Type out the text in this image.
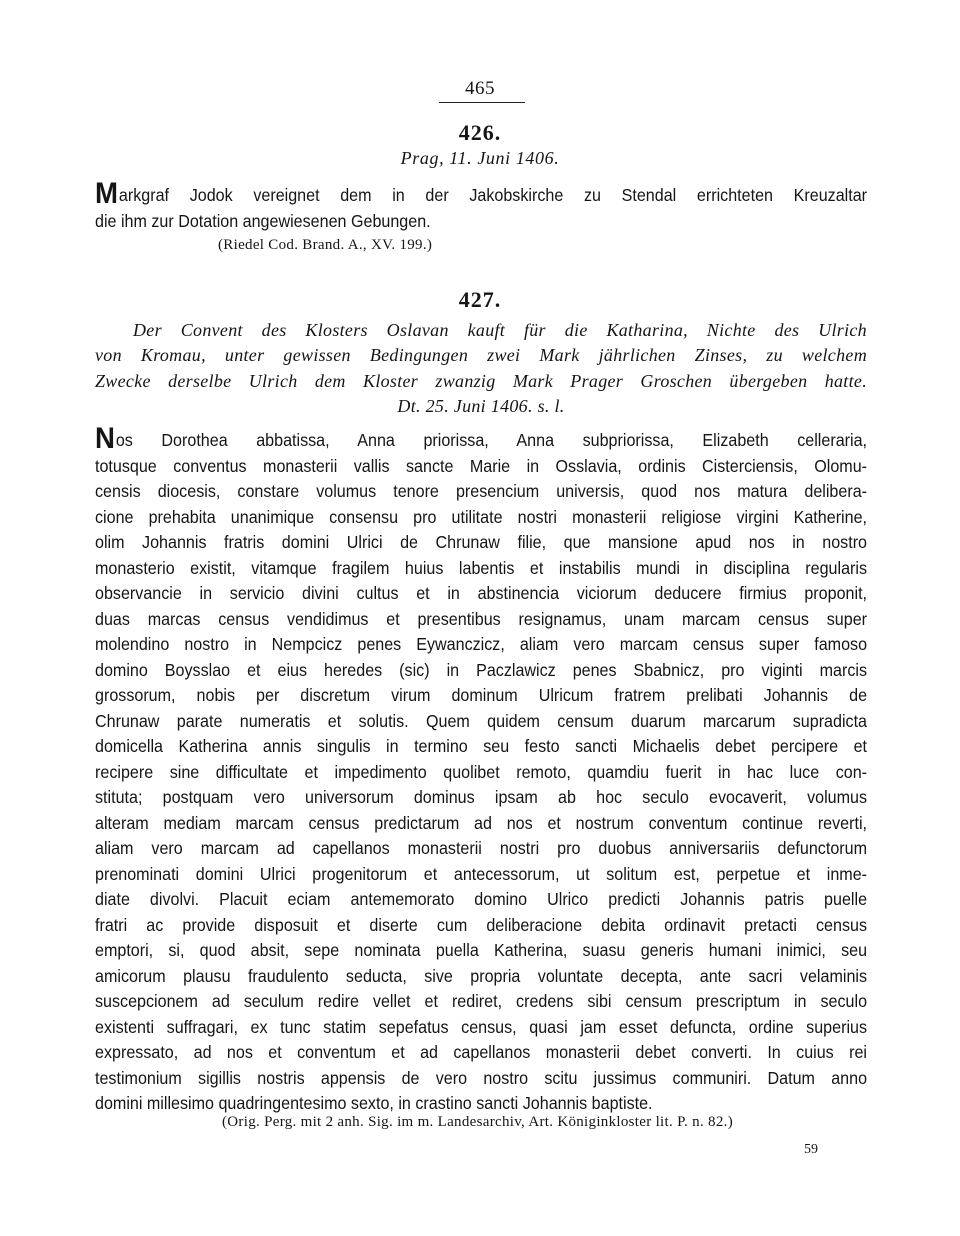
465
426.
Prag, 11. Juni 1406.
Markgraf Jodok vereignet dem in der Jakobskirche zu Stendal errichteten Kreuzaltar
die ihm zur Dotation angewiesenen Gebungen.
(Riedel Cod. Brand. A., XV. 199.)
427.
Der Convent des Klosters Oslavan kauft für die Katharina, Nichte des Ulrich
von Kromau, unter gewissen Bedingungen zwei Mark jährlichen Zinses, zu welchem
Zwecke derselbe Ulrich dem Kloster zwanzig Mark Prager Groschen übergeben hatte.
Dt. 25. Juni 1406. s. l.
Nos Dorothea abbatissa, Anna priorissa, Anna subpriorissa, Elizabeth celleraria,
totusque conventus monasterii vallis sancte Marie in Osslavia, ordinis Cisterciensis, Olomu-
censis diocesis, constare volumus tenore presencium universis, quod nos matura delibera-
cione prehabita unanimique consensu pro utilitate nostri monasterii religiose virgini Katherine,
olim Johannis fratris domini Ulrici de Chrunaw filie, que mansione apud nos in nostro
monasterio existit, vitamque fragilem huius labentis et instabilis mundi in disciplina regularis
observancie in servicio divini cultus et in abstinencia viciorum deducere firmius proponit,
duas marcas census vendidimus et presentibus resignamus, unam marcam census super
molendino nostro in Nempcicz penes Eywanczicz, aliam vero marcam census super famoso
domino Boysslao et eius heredes (sic) in Paczlawicz penes Sbabnicz, pro viginti marcis
grossorum, nobis per discretum virum dominum Ulricum fratrem prelibati Johannis de
Chrunaw parate numeratis et solutis. Quem quidem censum duarum marcarum supradicta
domicella Katherina annis singulis in termino seu festo sancti Michaelis debet percipere et
recipere sine difficultate et impedimento quolibet remoto, quamdiu fuerit in hac luce con-
stituta; postquam vero universorum dominus ipsam ab hoc seculo evocaverit, volumus
alteram mediam marcam census predictarum ad nos et nostrum conventum continue reverti,
aliam vero marcam ad capellanos monasterii nostri pro duobus anniversariis defunctorum
prenominati domini Ulrici progenitorum et antecessorum, ut solitum est, perpetue et inme-
diate divolvi. Placuit eciam antememorato domino Ulrico predicti Johannis patris puelle
fratri ac provide disposuit et diserte cum deliberacione debita ordinavit pretacti census
emptori, si, quod absit, sepe nominata puella Katherina, suasu generis humani inimici, seu
amicorum plausu fraudulento seducta, sive propria voluntate decepta, ante sacri velaminis
suscepcionem ad seculum redire vellet et rediret, credens sibi censum prescriptum in seculo
existenti suffragari, ex tunc statim sepefatus census, quasi jam esset defuncta, ordine superius
expressato, ad nos et conventum et ad capellanos monasterii debet converti. In cuius rei
testimonium sigillis nostris appensis de vero nostro scitu jussimus communiri. Datum anno
domini millesimo quadringentesimo sexto, in crastino sancti Johannis baptiste.
(Orig. Perg. mit 2 anh. Sig. im m. Landesarchiv, Art. Königinkloster lit. P. n. 82.)
59
